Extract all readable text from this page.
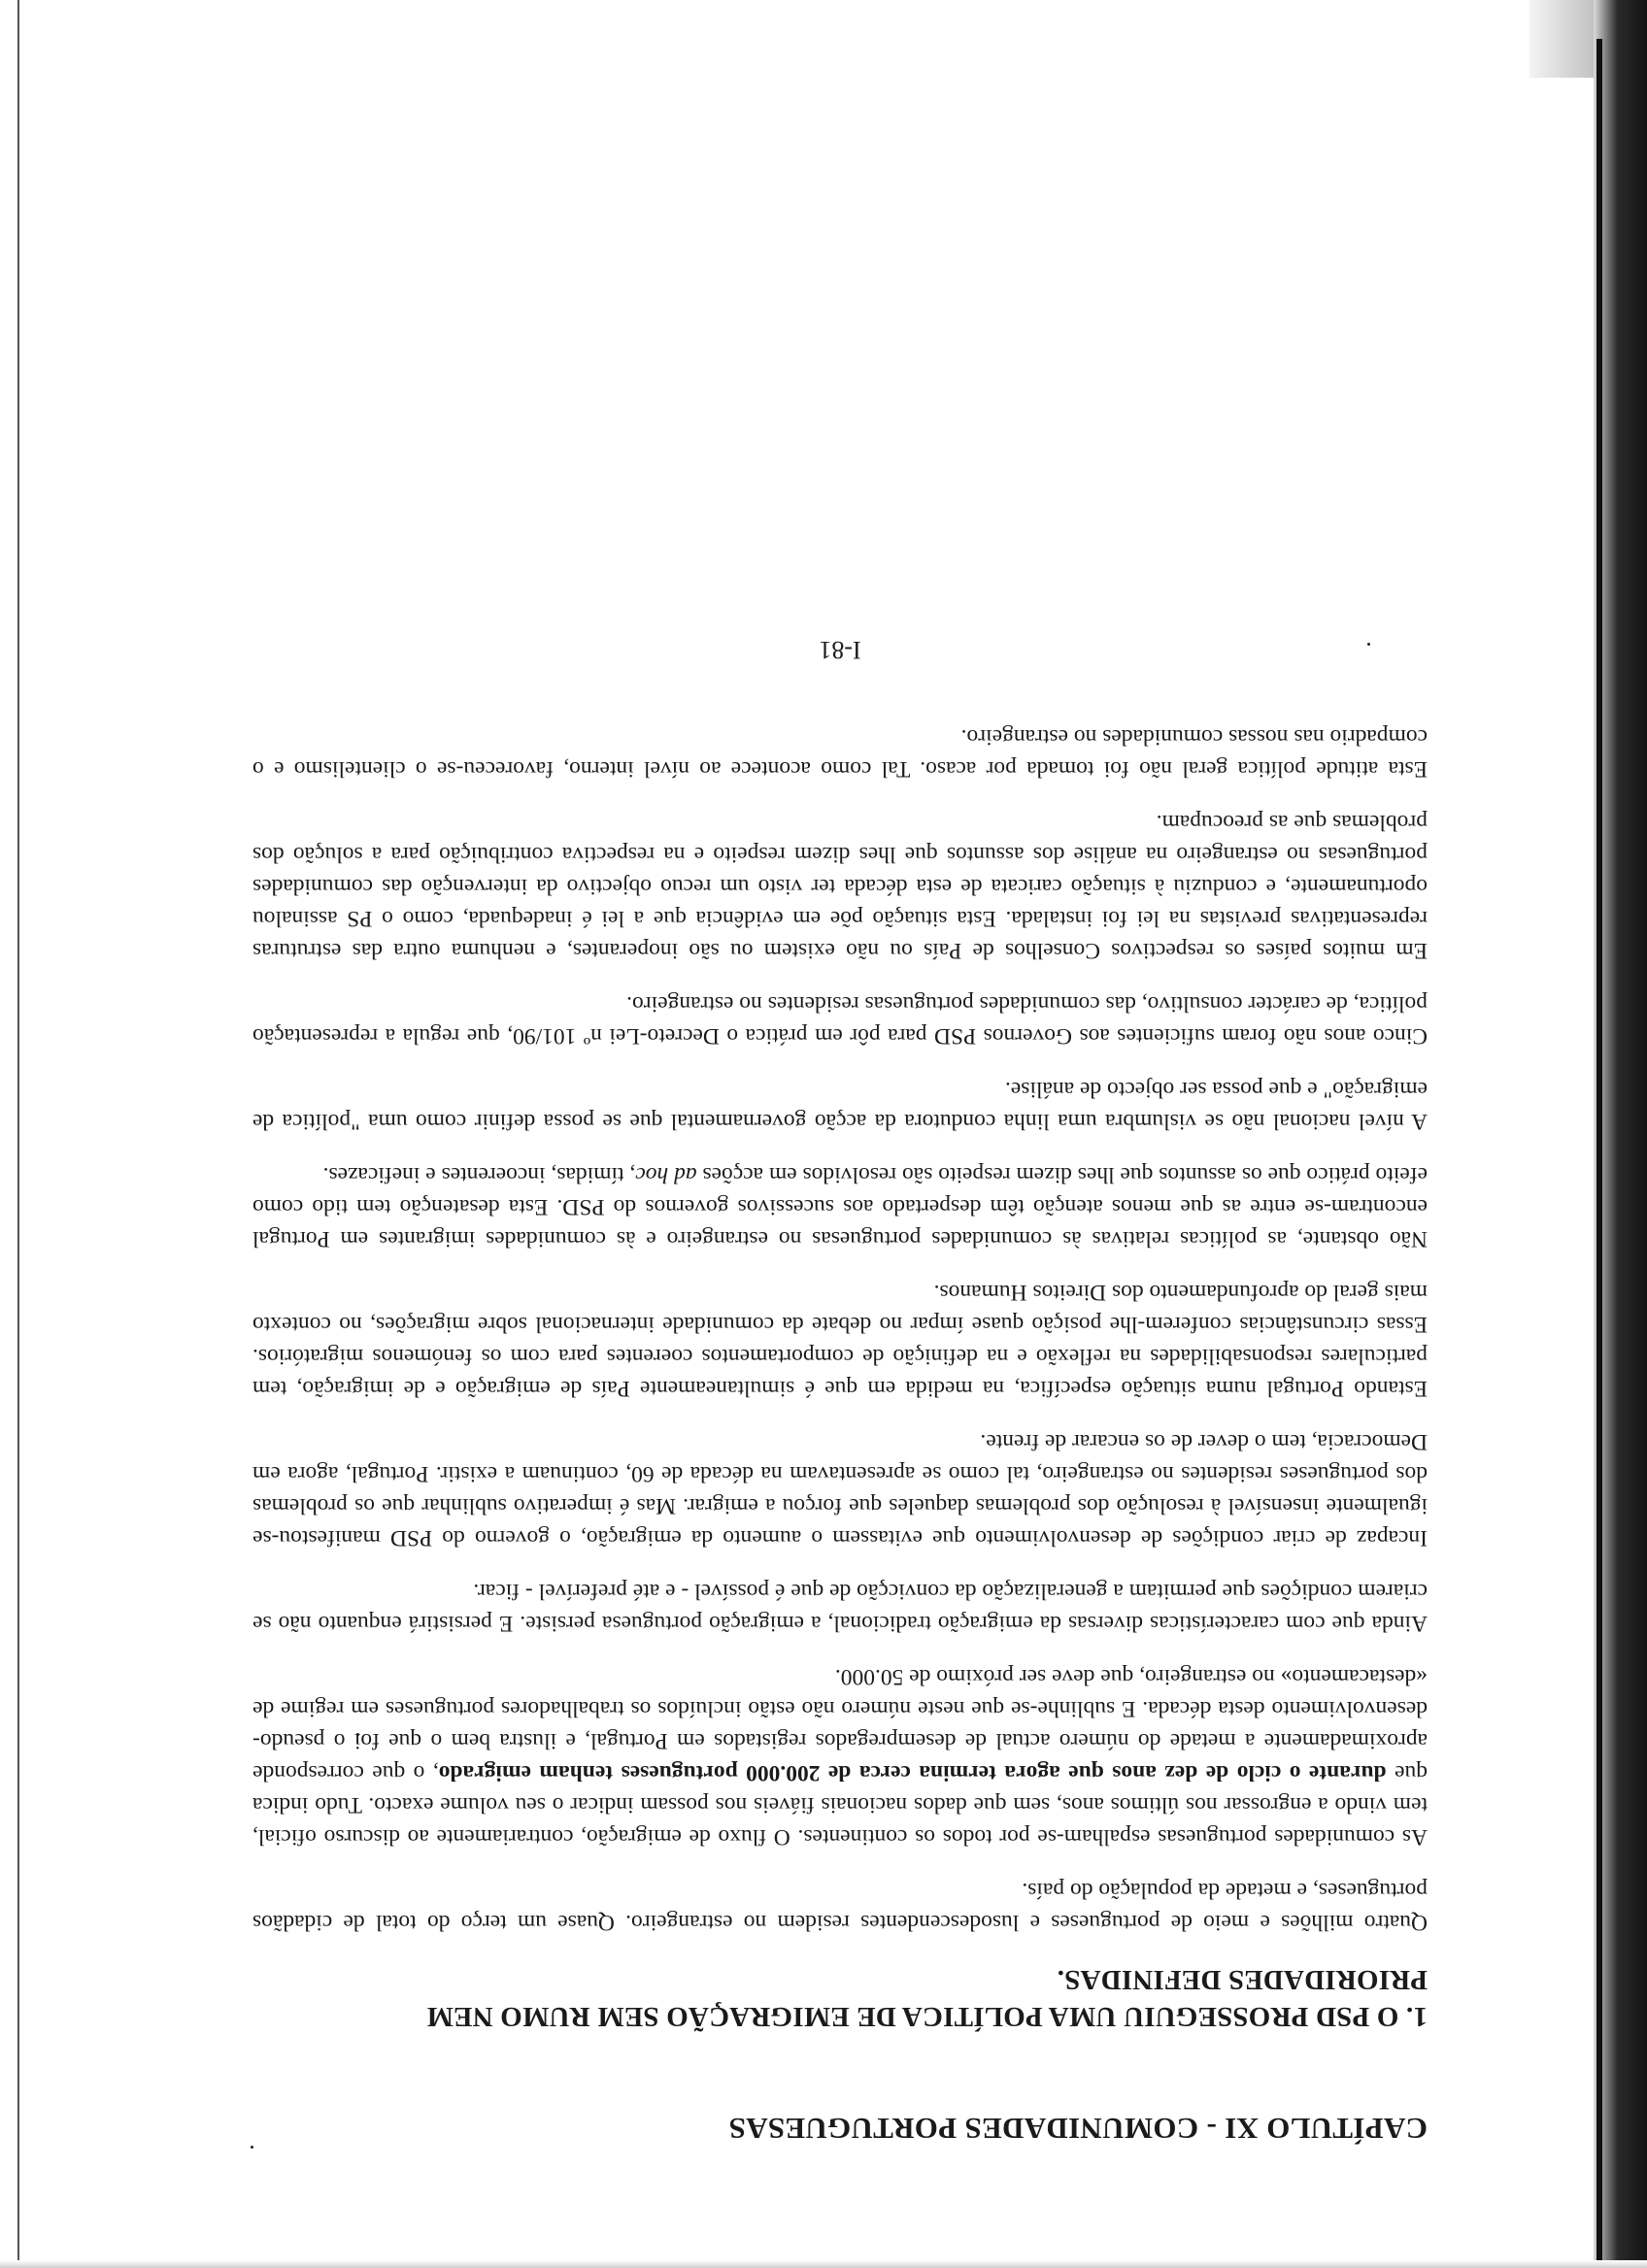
CAPÍTULO XI - COMUNIDADES PORTUGUESAS
1. O PSD PROSSEGUIU UMA POLÍTICA DE EMIGRAÇÃO SEM RUMO NEM PRIORIDADES DEFINIDAS.

Quatro milhões e meio de portugueses e lusodescendentes residem no estrangeiro. Quase um terço do total de cidadãos portugueses, e metade da população do país.

As comunidades portuguesas espalham-se por todos os continentes. O fluxo de emigração, contrariamente ao discurso oficial, tem vindo a engrossar nos últimos anos, sem que dados nacionais fiáveis nos possam indicar o seu volume exacto. Tudo indica que durante o ciclo de dez anos que agora termina cerca de 200.000 portugueses tenham emigrado, o que corresponde aproximadamente a metade do número actual de desempregados registados em Portugal, e ilustra bem o que foi o pseudo-desenvolvimento desta década. E sublinhe-se que neste número não estão incluídos os trabalhadores portugueses em regime de «destacamento» no estrangeiro, que deve ser próximo de 50.000.

Ainda que com características diversas da emigração tradicional, a emigração portuguesa persiste. E persistirá enquanto não se criarem condições que permitam a generalização da convicção de que é possível - e até preferível - ficar.

Incapaz de criar condições de desenvolvimento que evitassem o aumento da emigração, o governo do PSD manifestou-se igualmente insensível à resolução dos problemas daqueles que forçou a emigrar. Mas é imperativo sublinhar que os problemas dos portugueses residentes no estrangeiro, tal como se apresentavam na década de 60, continuam a existir. Portugal, agora em Democracia, tem o dever de os encarar de frente.

Estando Portugal numa situação específica, na medida em que é simultaneamente País de emigração e de imigração, tem particulares responsabilidades na reflexão e na definição de comportamentos coerentes para com os fenómenos migratórios. Essas circunstâncias conferem-lhe posição quase ímpar no debate da comunidade internacional sobre migrações, no contexto mais geral do aprofundamento dos Direitos Humanos.

Não obstante, as políticas relativas às comunidades portuguesas no estrangeiro e às comunidades imigrantes em Portugal encontram-se entre as que menos atenção têm despertado aos sucessivos governos do PSD. Esta desatenção tem tido como efeito prático que os assuntos que lhes dizem respeito são resolvidos em acções ad hoc, tímidas, incoerentes e ineficazes.

A nível nacional não se vislumbra uma linha condutora da acção governamental que se possa definir como uma "política de emigração" e que possa ser objecto de análise.

Cinco anos não foram suficientes aos Governos PSD para pôr em prática o Decreto-Lei nº 101/90, que regula a representação política, de carácter consultivo, das comunidades portuguesas residentes no estrangeiro.

Em muitos países os respectivos Conselhos de País ou não existem ou são inoperantes, e nenhuma outra das estruturas representativas previstas na lei foi instalada. Esta situação põe em evidência que a lei é inadequada, como o PS assinalou oportunamente, e conduziu à situação caricata de esta década ter visto um recuo objectivo da intervenção das comunidades portuguesas no estrangeiro na análise dos assuntos que lhes dizem respeito e na respectiva contribuição para a solução dos problemas que as preocupam.

Esta atitude política geral não foi tomada por acaso. Tal como acontece ao nível interno, favoreceu-se o clientelismo e o compadrio nas nossas comunidades no estrangeiro.

I-81
